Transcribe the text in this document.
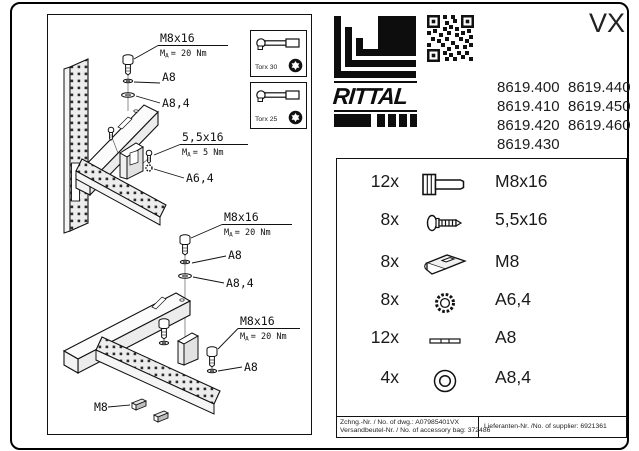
M8x16
MA = 20 Nm
A8
A8,4
5,5x16
MA = 5 Nm
A6,4
M8x16
MA = 20 Nm
A8
A8,4
M8x16
MA = 20 Nm
A8
M8
Torx 30
Torx 25
RITTAL
VX
8619.400
8619.410
8619.420
8619.430
8619.440
8619.450
8619.460
12x	M8x16
8x	5,5x16
8x	M8
8x	A6,4
12x	A8
4x	A8,4
Zchng.-Nr. / No. of dwg.: A07985401VX
Versandbeutel-Nr. / No. of accessory bag: 372486
Lieferanten-Nr. /No. of supplier: 6921361
